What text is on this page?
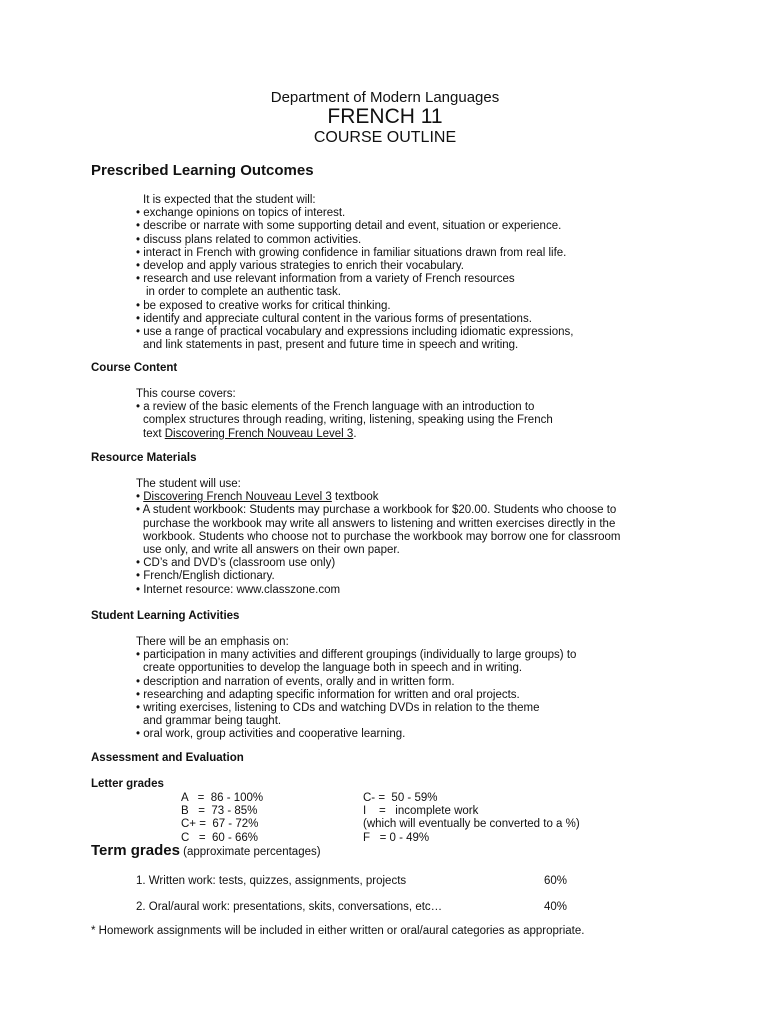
Department of Modern Languages
FRENCH 11
COURSE OUTLINE
Prescribed Learning Outcomes
It is expected that the student will:
• exchange opinions on topics of interest.
• describe or narrate with some supporting detail and event, situation or experience.
• discuss plans related to common activities.
• interact in French with growing confidence in familiar situations drawn from real life.
• develop and apply various strategies to enrich their vocabulary.
• research and use relevant information from a variety of French resources
in order to complete an authentic task.
• be exposed to creative works for critical thinking.
• identify and appreciate cultural content in the various forms of presentations.
• use a range of practical vocabulary and expressions including idiomatic expressions,
and link statements in past, present and future time in speech and writing.
Course Content
This course covers:
• a review of the basic elements of the French language with an introduction to
complex structures through reading, writing, listening, speaking using the French
text Discovering French Nouveau Level 3.
Resource Materials
The student will use:
• Discovering French Nouveau Level 3 textbook
• A student workbook: Students may purchase a workbook for $20.00. Students who choose to
purchase the workbook may write all answers to listening and written exercises directly in the
workbook. Students who choose not to purchase the workbook may borrow one for classroom
use only, and write all answers on their own paper.
• CD’s and DVD’s (classroom use only)
• French/English dictionary.
• Internet resource: www.classzone.com
Student Learning Activities
There will be an emphasis on:
• participation in many activities and different groupings (individually to large groups) to
create opportunities to develop the language both in speech and in writing.
• description and narration of events, orally and in written form.
• researching and adapting specific information for written and oral projects.
• writing exercises, listening to CDs and watching DVDs in relation to the theme
and grammar being taught.
• oral work, group activities and cooperative learning.
Assessment and Evaluation
Letter grades
A   =  86 - 100%
B   =  73 - 85%
C+ =  67 - 72%
C   =  60 - 66%
C- =  50 - 59%
I    =   incomplete work
(which will eventually be converted to a %)
F   = 0 - 49%
Term grades (approximate percentages)
1. Written work: tests, quizzes, assignments, projects	60%
2. Oral/aural work: presentations, skits, conversations, etc…	40%
* Homework assignments will be included in either written or oral/aural categories as appropriate.
